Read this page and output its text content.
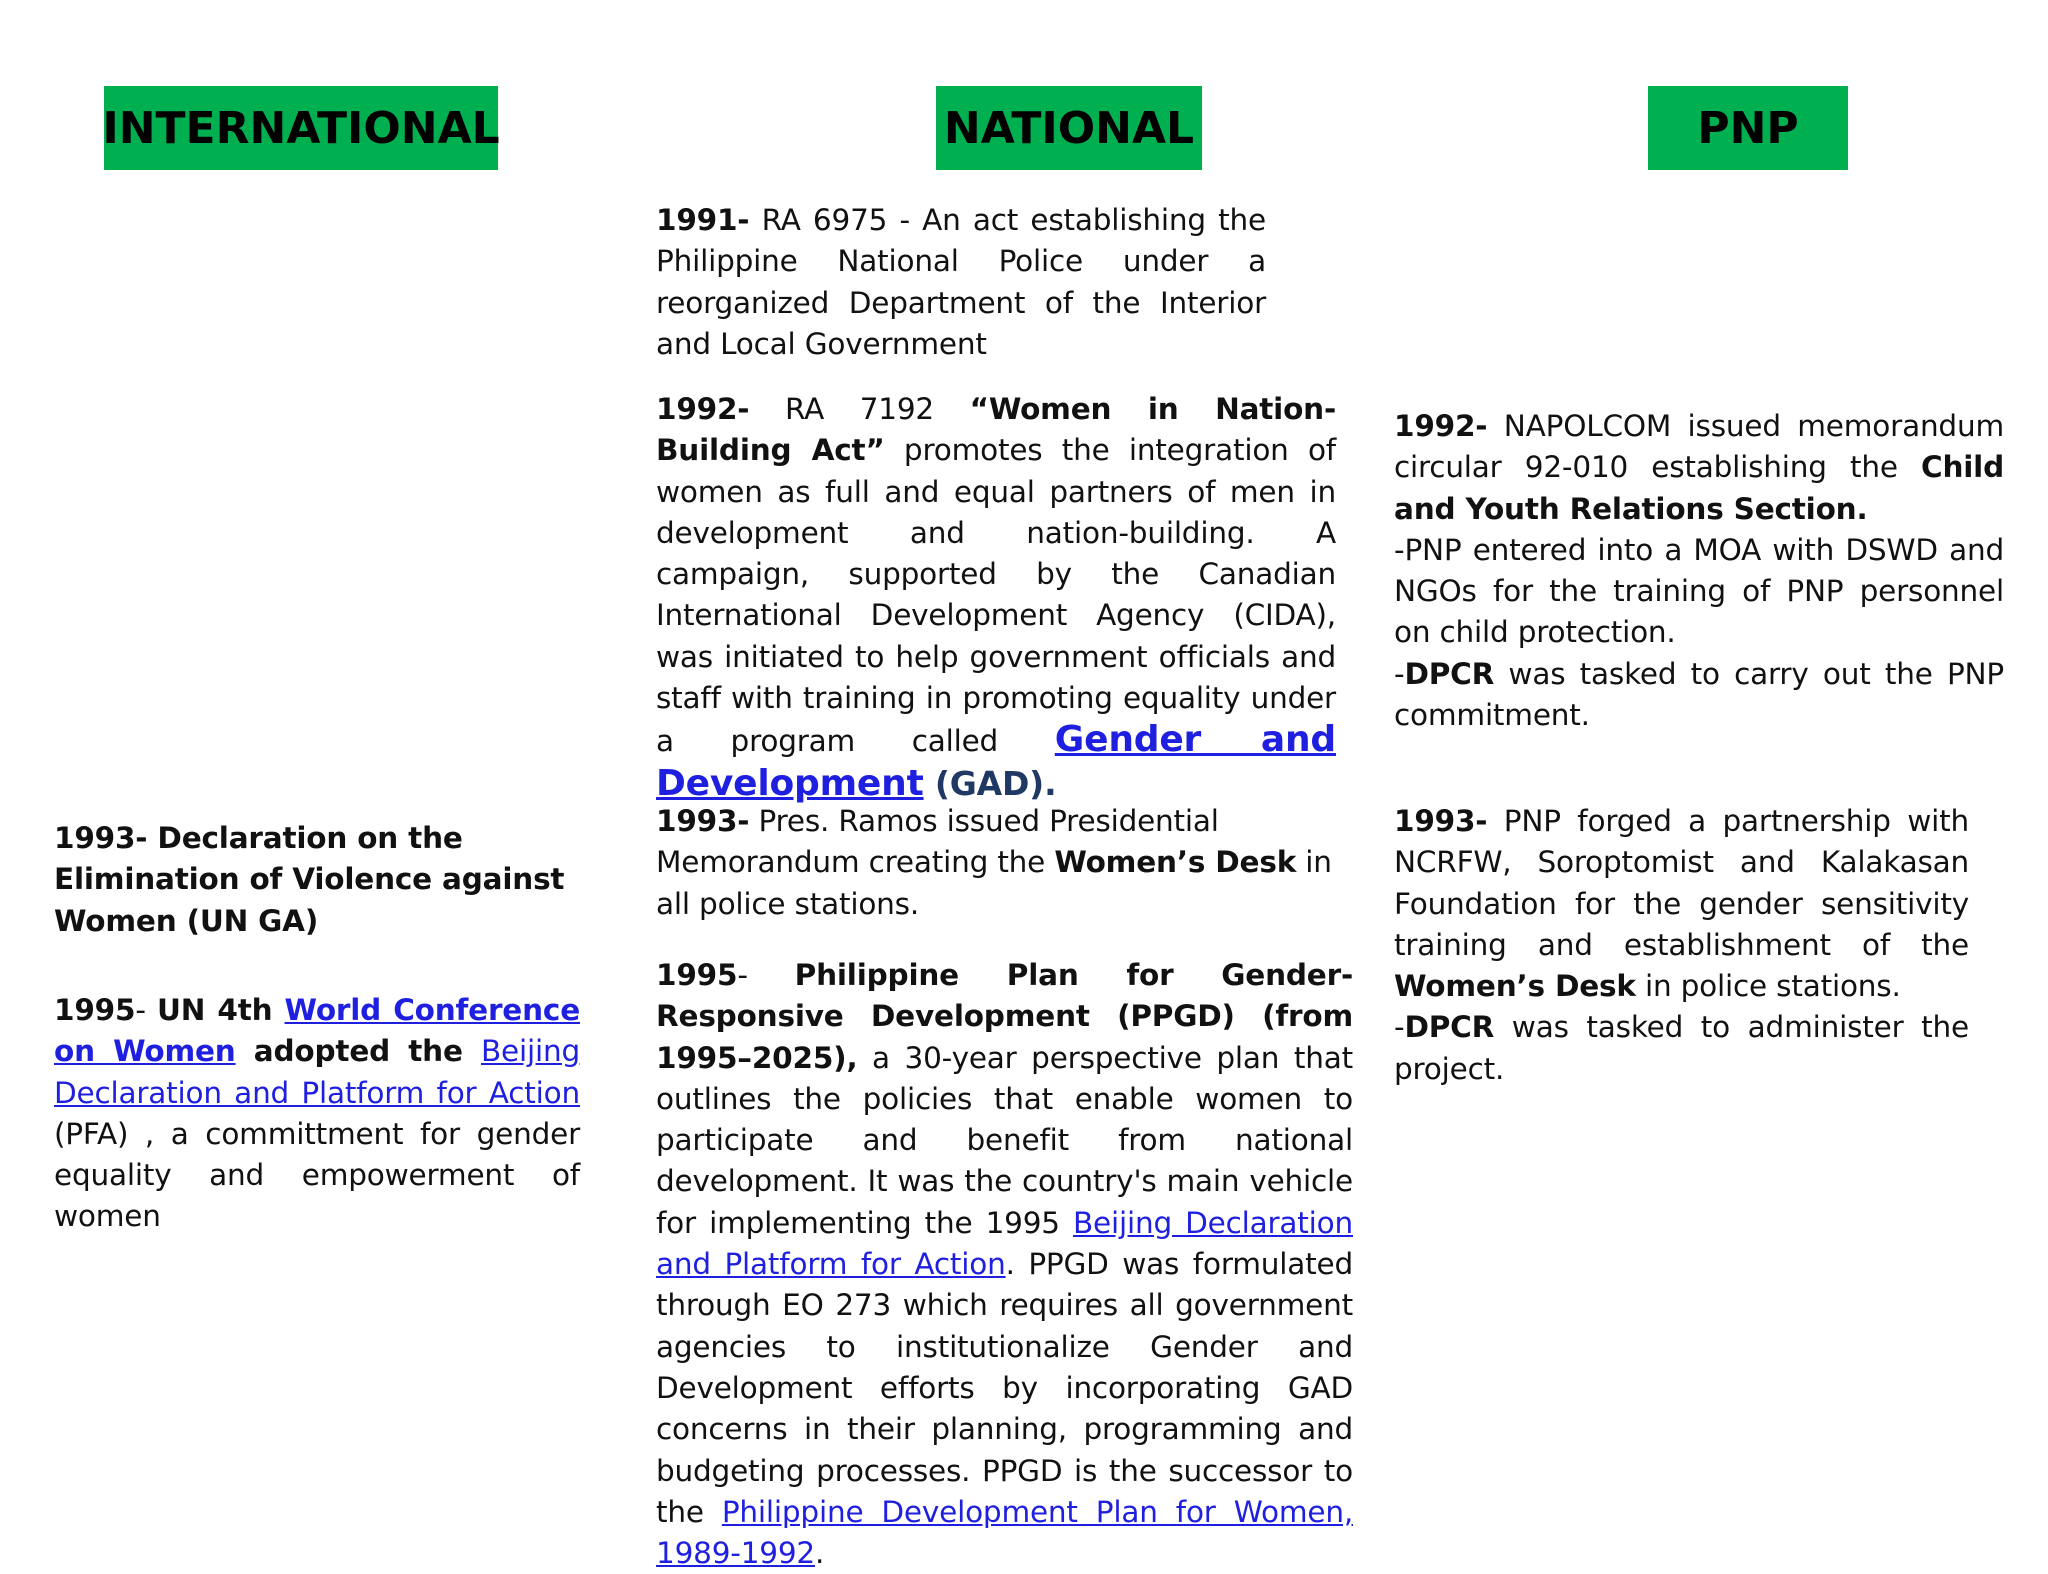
INTERNATIONAL	NATIONAL	PNP
1993- Declaration on the Elimination of Violence against Women (UN GA)
1995- UN 4th World Conference on Women adopted the Beijing Declaration and Platform for Action (PFA) , a committment for gender equality and empowerment of women
1991- RA 6975 - An act establishing the Philippine National Police under a reorganized Department of the Interior and Local Government
1992- RA 7192 “Women in Nation-Building Act” promotes the integration of women as full and equal partners of men in development and nation-building. A campaign, supported by the Canadian International Development Agency (CIDA), was initiated to help government officials and staff with training in promoting equality under a program called Gender and Development (GAD).
1993- Pres. Ramos issued Presidential Memorandum creating the Women’s Desk in all police stations.
1995- Philippine Plan for Gender-Responsive Development (PPGD) (from 1995–2025), a 30-year perspective plan that outlines the policies that enable women to participate and benefit from national development. It was the country's main vehicle for implementing the 1995 Beijing Declaration and Platform for Action. PPGD was formulated through EO 273 which requires all government agencies to institutionalize Gender and Development efforts by incorporating GAD concerns in their planning, programming and budgeting processes. PPGD is the successor to the Philippine Development Plan for Women, 1989-1992.
1992- NAPOLCOM issued memorandum circular 92-010 establishing the Child and Youth Relations Section.
-PNP entered into a MOA with DSWD and NGOs for the training of PNP personnel on child protection.
-DPCR was tasked to carry out the PNP commitment.
1993- PNP forged a partnership with NCRFW, Soroptomist and Kalakasan Foundation for the gender sensitivity training and establishment of the Women’s Desk in police stations.
-DPCR was tasked to administer the project.
